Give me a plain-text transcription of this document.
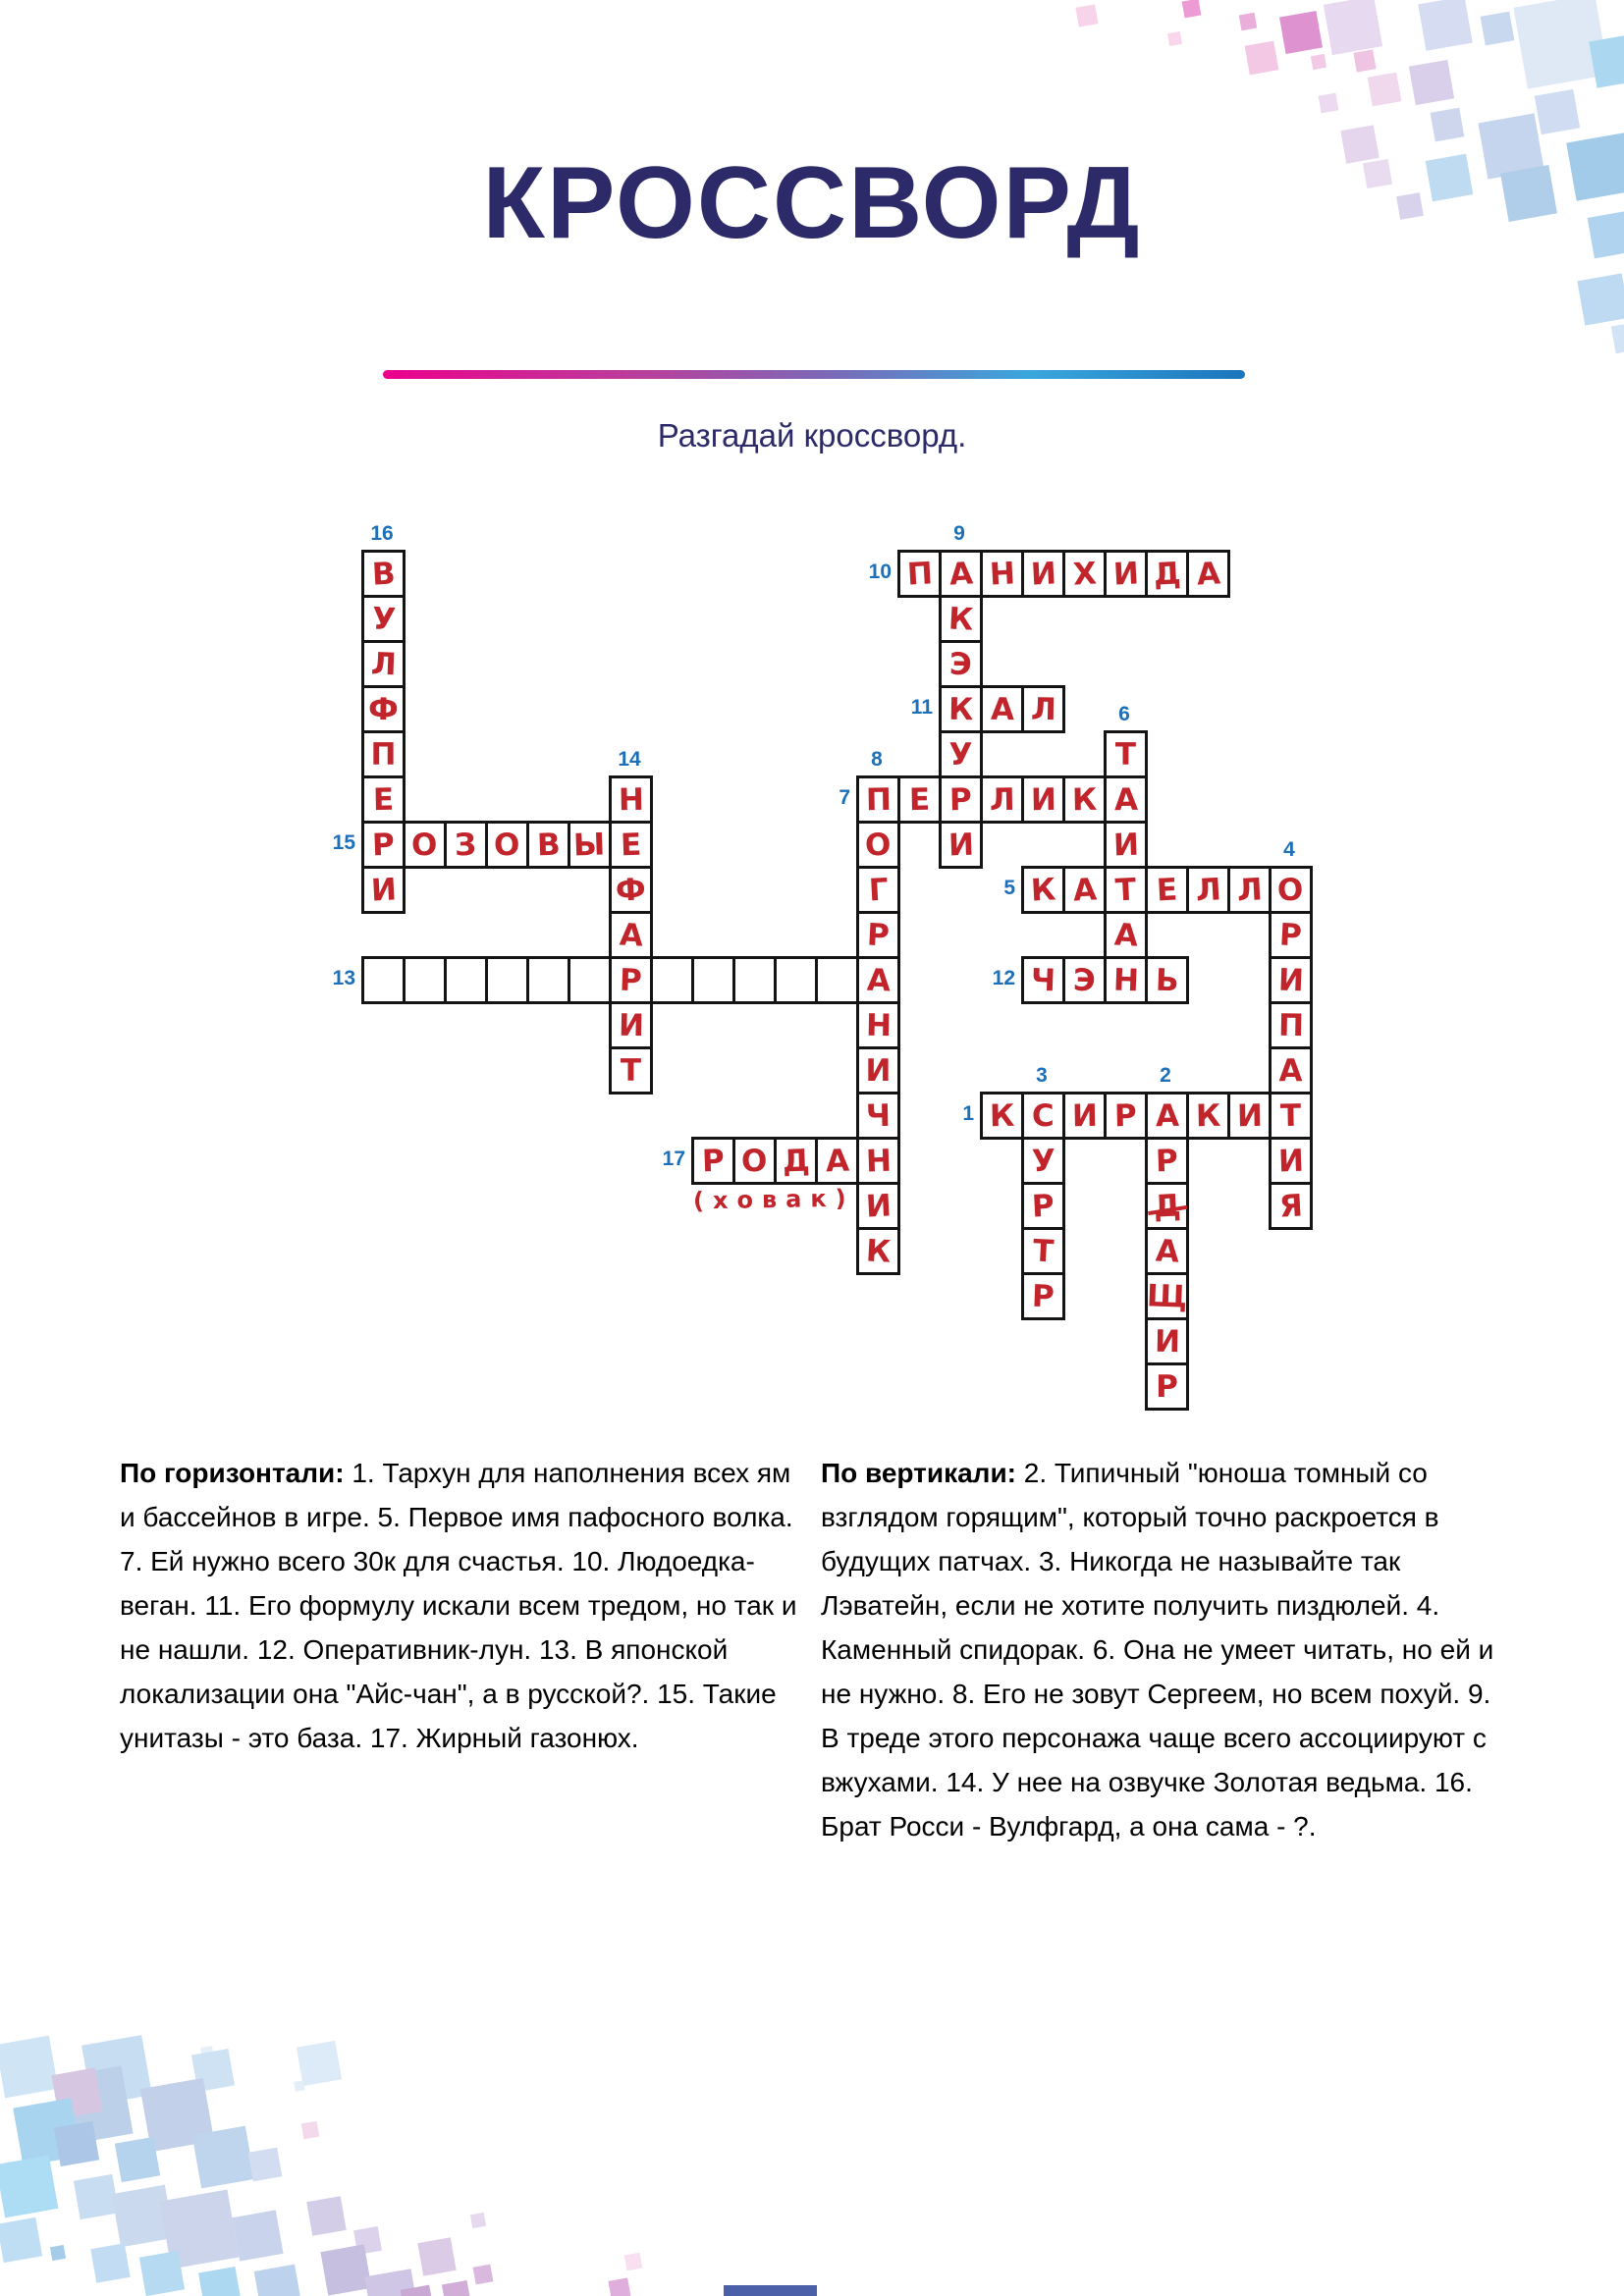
КРОССВОРД
Разгадай кроссворд.
10
16	9
11	6
7
8
14
15
5
4
13	12
1
3	2
17
П А Н И Х И Д А
В
У
Л
Ф
П
Е
Р
И
К
Э
К
У
Р
И
А Л
Т
А
И
Т
А
Н
П Е Л И К
О
Г
Р
А
Н
И
Ч
Н
И
К
Н
Е
Ф
А
Р
И
Т
О З О В Ы
К А Е Л Л О
Р
И
П
А
Т
И
Я
Ч Э Ь
К С И Р А К И
У
Р
Т
Р
Р
Д
А
Щ
И
Р
Р О Д А
(ховак)
По горизонтали: 1. Тархун для наполнения всех ям и бассейнов в игре. 5. Первое имя пафосного волка. 7. Ей нужно всего 30к для счастья. 10. Людоедка-веган. 11. Его формулу искали всем тредом, но так и не нашли. 12. Оперативник-лун. 13. В японской локализации она "Айс-чан", а в русской?. 15. Такие унитазы - это база. 17. Жирный газонюх.
По вертикали: 2. Типичный "юноша томный со взглядом горящим", который точно раскроется в будущих патчах. 3. Никогда не называйте так Лэватейн, если не хотите получить пиздюлей. 4. Каменный спидорак. 6. Она не умеет читать, но ей и не нужно. 8. Его не зовут Сергеем, но всем похуй. 9. В треде этого персонажа чаще всего ассоциируют с вжухами. 14. У нее на озвучке Золотая ведьма. 16. Брат Росси - Вулфгард, а она сама - ?.
